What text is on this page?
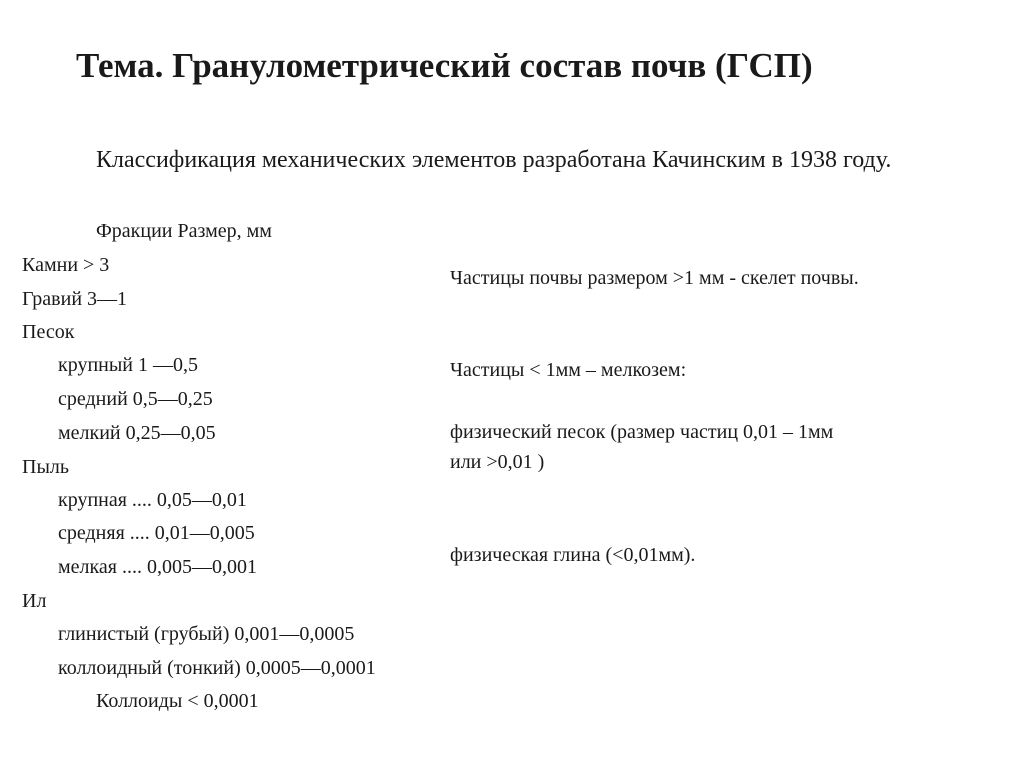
Тема. Гранулометрический состав почв (ГСП)

Классификация механических элементов разработана Качинским в 1938 году.

Фракции Размер, мм
Камни > 3
Гравий 3—1
Песок
крупный 1 —0,5
средний 0,5—0,25
мелкий 0,25—0,05
Пыль
крупная .... 0,05—0,01
средняя .... 0,01—0,005
мелкая .... 0,005—0,001
Ил
глинистый (грубый) 0,001—0,0005
коллоидный (тонкий) 0,0005—0,0001
Коллоиды < 0,0001
Частицы почвы размером >1 мм - скелет почвы.
Частицы < 1мм – мелкозем:
физический песок (размер частиц 0,01 – 1мм
или >0,01 )
физическая глина (<0,01мм).
